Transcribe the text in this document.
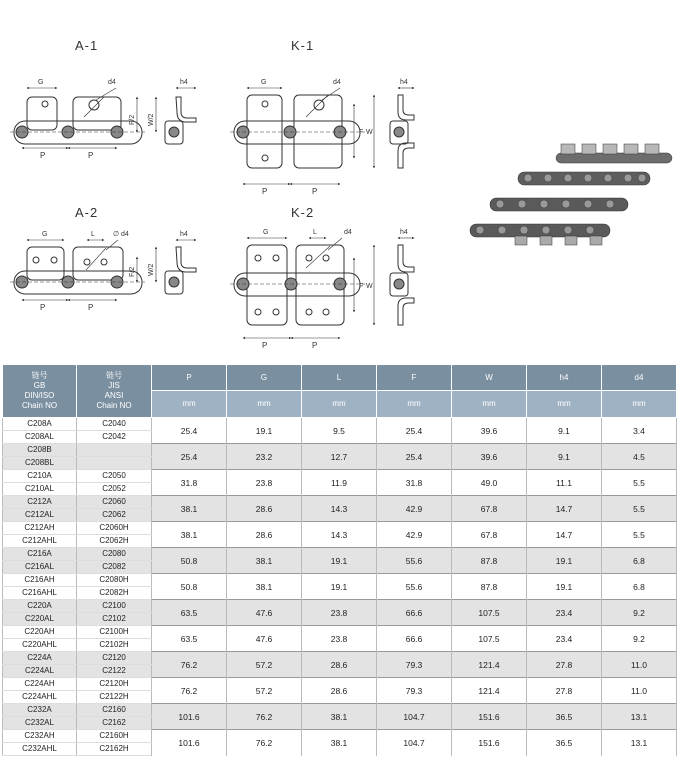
A-1	K-1
A-2	K-2
G	d4	h4
P	P
F/2 W/2
G	d4	h4
P	P
F W
G	L	∅ d4	h4
P	P
F/2 W/2
G	L	d4	h4
P	P
F W
链号
GB
DIN/ISO
Chain NO	链号
JIS
ANSI
Chain NO	P	G	L	F	W	h4	d4
		mm	mm	mm	mm	mm	mm	mm
C208A	C2040	25.4	19.1	9.5	25.4	39.6	9.1	3.4
C208AL	C2042							
C208B		25.4	23.2	12.7	25.4	39.6	9.1	4.5
C208BL								
C210A	C2050	31.8	23.8	11.9	31.8	49.0	11.1	5.5
C210AL	C2052							
C212A	C2060	38.1	28.6	14.3	42.9	67.8	14.7	5.5
C212AL	C2062							
C212AH	C2060H	38.1	28.6	14.3	42.9	67.8	14.7	5.5
C212AHL	C2062H							
C216A	C2080	50.8	38.1	19.1	55.6	87.8	19.1	6.8
C216AL	C2082							
C216AH	C2080H	50.8	38.1	19.1	55.6	87.8	19.1	6.8
C216AHL	C2082H							
C220A	C2100	63.5	47.6	23.8	66.6	107.5	23.4	9.2
C220AL	C2102							
C220AH	C2100H	63.5	47.6	23.8	66.6	107.5	23.4	9.2
C220AHL	C2102H							
C224A	C2120	76.2	57.2	28.6	79.3	121.4	27.8	11.0
C224AL	C2122							
C224AH	C2120H	76.2	57.2	28.6	79.3	121.4	27.8	11.0
C224AHL	C2122H							
C232A	C2160	101.6	76.2	38.1	104.7	151.6	36.5	13.1
C232AL	C2162							
C232AH	C2160H	101.6	76.2	38.1	104.7	151.6	36.5	13.1
C232AHL	C2162H							
